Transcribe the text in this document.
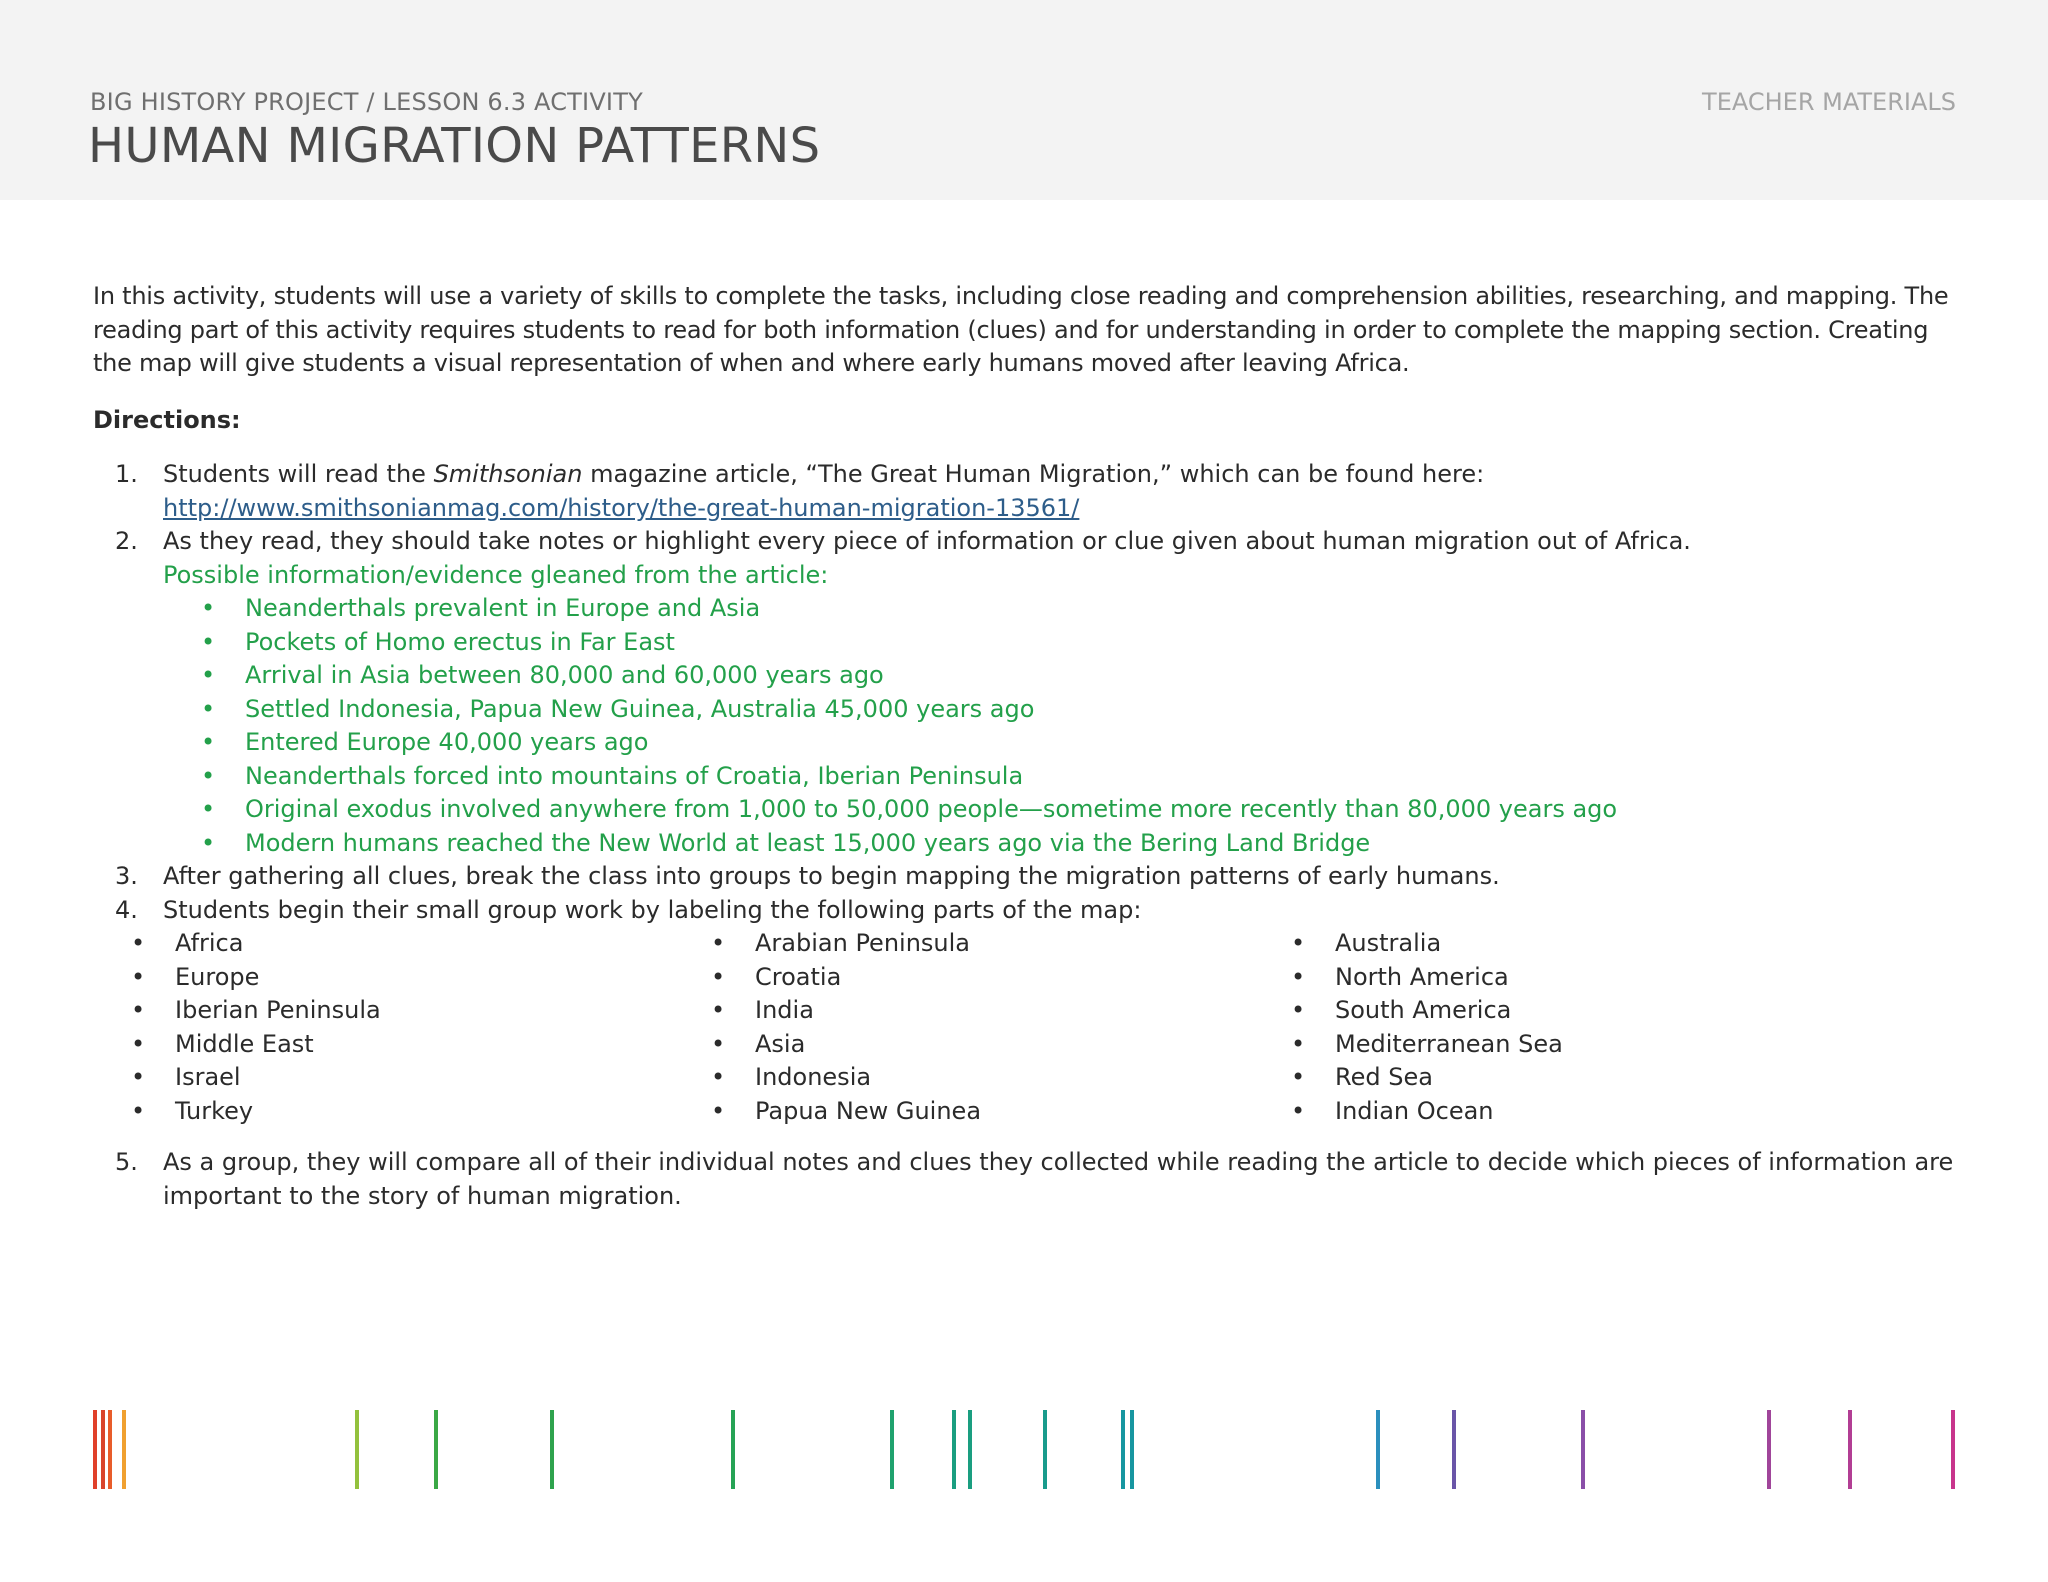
BIG HISTORY PROJECT / LESSON 6.3 ACTIVITY
HUMAN MIGRATION PATTERNS
TEACHER MATERIALS

In this activity, students will use a variety of skills to complete the tasks, including close reading and comprehension abilities, researching, and mapping. The reading part of this activity requires students to read for both information (clues) and for understanding in order to complete the mapping section. Creating the map will give students a visual representation of when and where early humans moved after leaving Africa.

Directions:

1. Students will read the Smithsonian magazine article, “The Great Human Migration,” which can be found here:
http://www.smithsonianmag.com/history/the-great-human-migration-13561/
2. As they read, they should take notes or highlight every piece of information or clue given about human migration out of Africa.
Possible information/evidence gleaned from the article:
• Neanderthals prevalent in Europe and Asia
• Pockets of Homo erectus in Far East
• Arrival in Asia between 80,000 and 60,000 years ago
• Settled Indonesia, Papua New Guinea, Australia 45,000 years ago
• Entered Europe 40,000 years ago
• Neanderthals forced into mountains of Croatia, Iberian Peninsula
• Original exodus involved anywhere from 1,000 to 50,000 people—sometime more recently than 80,000 years ago
• Modern humans reached the New World at least 15,000 years ago via the Bering Land Bridge
3. After gathering all clues, break the class into groups to begin mapping the migration patterns of early humans.
4. Students begin their small group work by labeling the following parts of the map:
• Africa
• Europe
• Iberian Peninsula
• Middle East
• Israel
• Turkey
• Arabian Peninsula
• Croatia
• India
• Asia
• Indonesia
• Papua New Guinea
• Australia
• North America
• South America
• Mediterranean Sea
• Red Sea
• Indian Ocean
5. As a group, they will compare all of their individual notes and clues they collected while reading the article to decide which pieces of information are important to the story of human migration.
